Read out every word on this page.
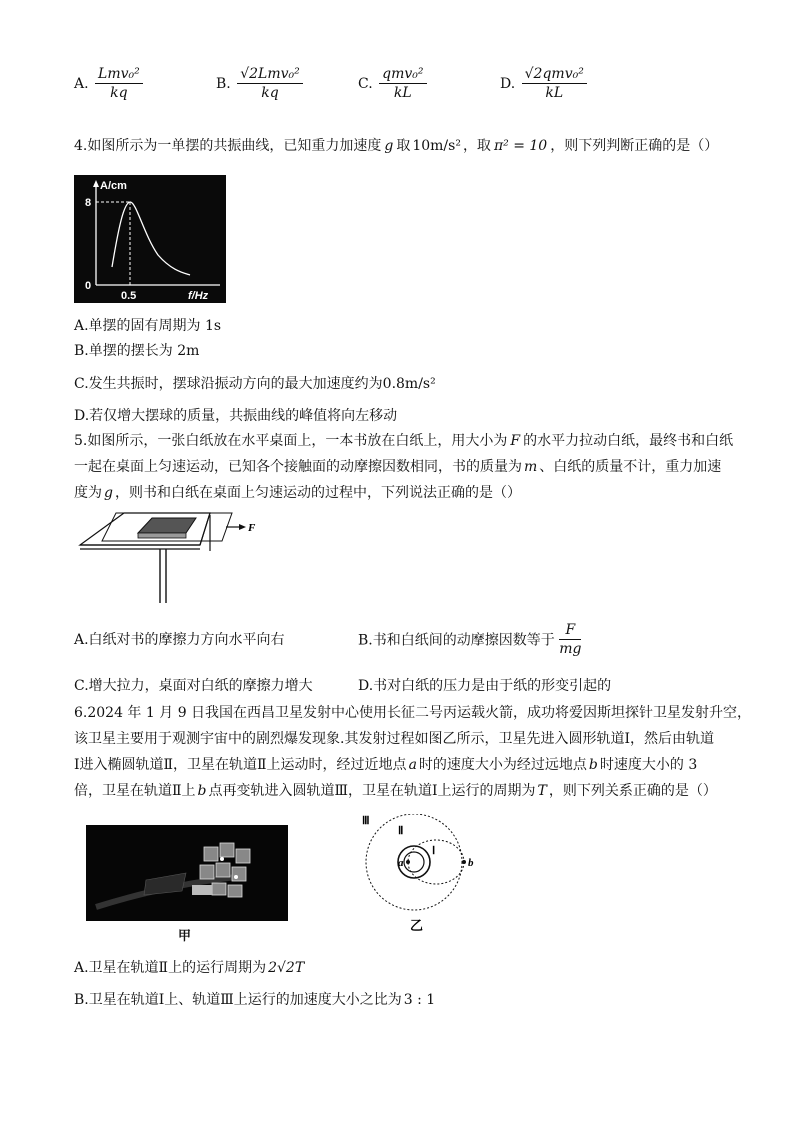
A. $\frac{\text{Lmv₀²}}{kq}$	B. $\frac{\text{√2Lmv₀²}}{kq}$	C. $\frac{\text{qmv₀²}}{kL}$	D. $\frac{\text{√2qmv₀²}}{kL}$
4.如图所示为一单摆的共振曲线，已知重力加速度 g 取 10m/s² ，取 π² = 10 ，则下列判断正确的是（）
A/cm
8
0
0.5	f/Hz
A.单摆的固有周期为 1s
B.单摆的摆长为 2m
C.发生共振时，摆球沿振动方向的最大加速度约为0.8m/s²
D.若仅增大摆球的质量，共振曲线的峰值将向左移动
5.如图所示，一张白纸放在水平桌面上，一本书放在白纸上，用大小为 F 的水平力拉动白纸，最终书和白纸
一起在桌面上匀速运动，已知各个接触面的动摩擦因数相同，书的质量为 m 、白纸的质量不计，重力加速
度为 g ，则书和白纸在桌面上匀速运动的过程中，下列说法正确的是（）
F
A.白纸对书的摩擦力方向水平向右	B.书和白纸间的动摩擦因数等于 $\frac{F}{mg}$
C.增大拉力，桌面对白纸的摩擦力增大	D.书对白纸的压力是由于纸的形变引起的
6.2024 年 1 月 9 日我国在西昌卫星发射中心使用长征二号丙运载火箭，成功将爱因斯坦探针卫星发射升空，
该卫星主要用于观测宇宙中的剧烈爆发现象.其发射过程如图乙所示，卫星先进入圆形轨道Ⅰ，然后由轨道
Ⅰ进入椭圆轨道Ⅱ，卫星在轨道Ⅱ上运动时，经过近地点 a 时的速度大小为经过远地点 b 时速度大小的 3
倍，卫星在轨道Ⅱ上 b 点再变轨进入圆轨道Ⅲ，卫星在轨道Ⅰ上运行的周期为 T ，则下列关系正确的是（）
甲
Ⅲ
Ⅱ
Ⅰ
a	b
乙
A.卫星在轨道Ⅱ上的运行周期为 2√2T
B.卫星在轨道Ⅰ上、轨道Ⅲ上运行的加速度大小之比为 3 : 1
